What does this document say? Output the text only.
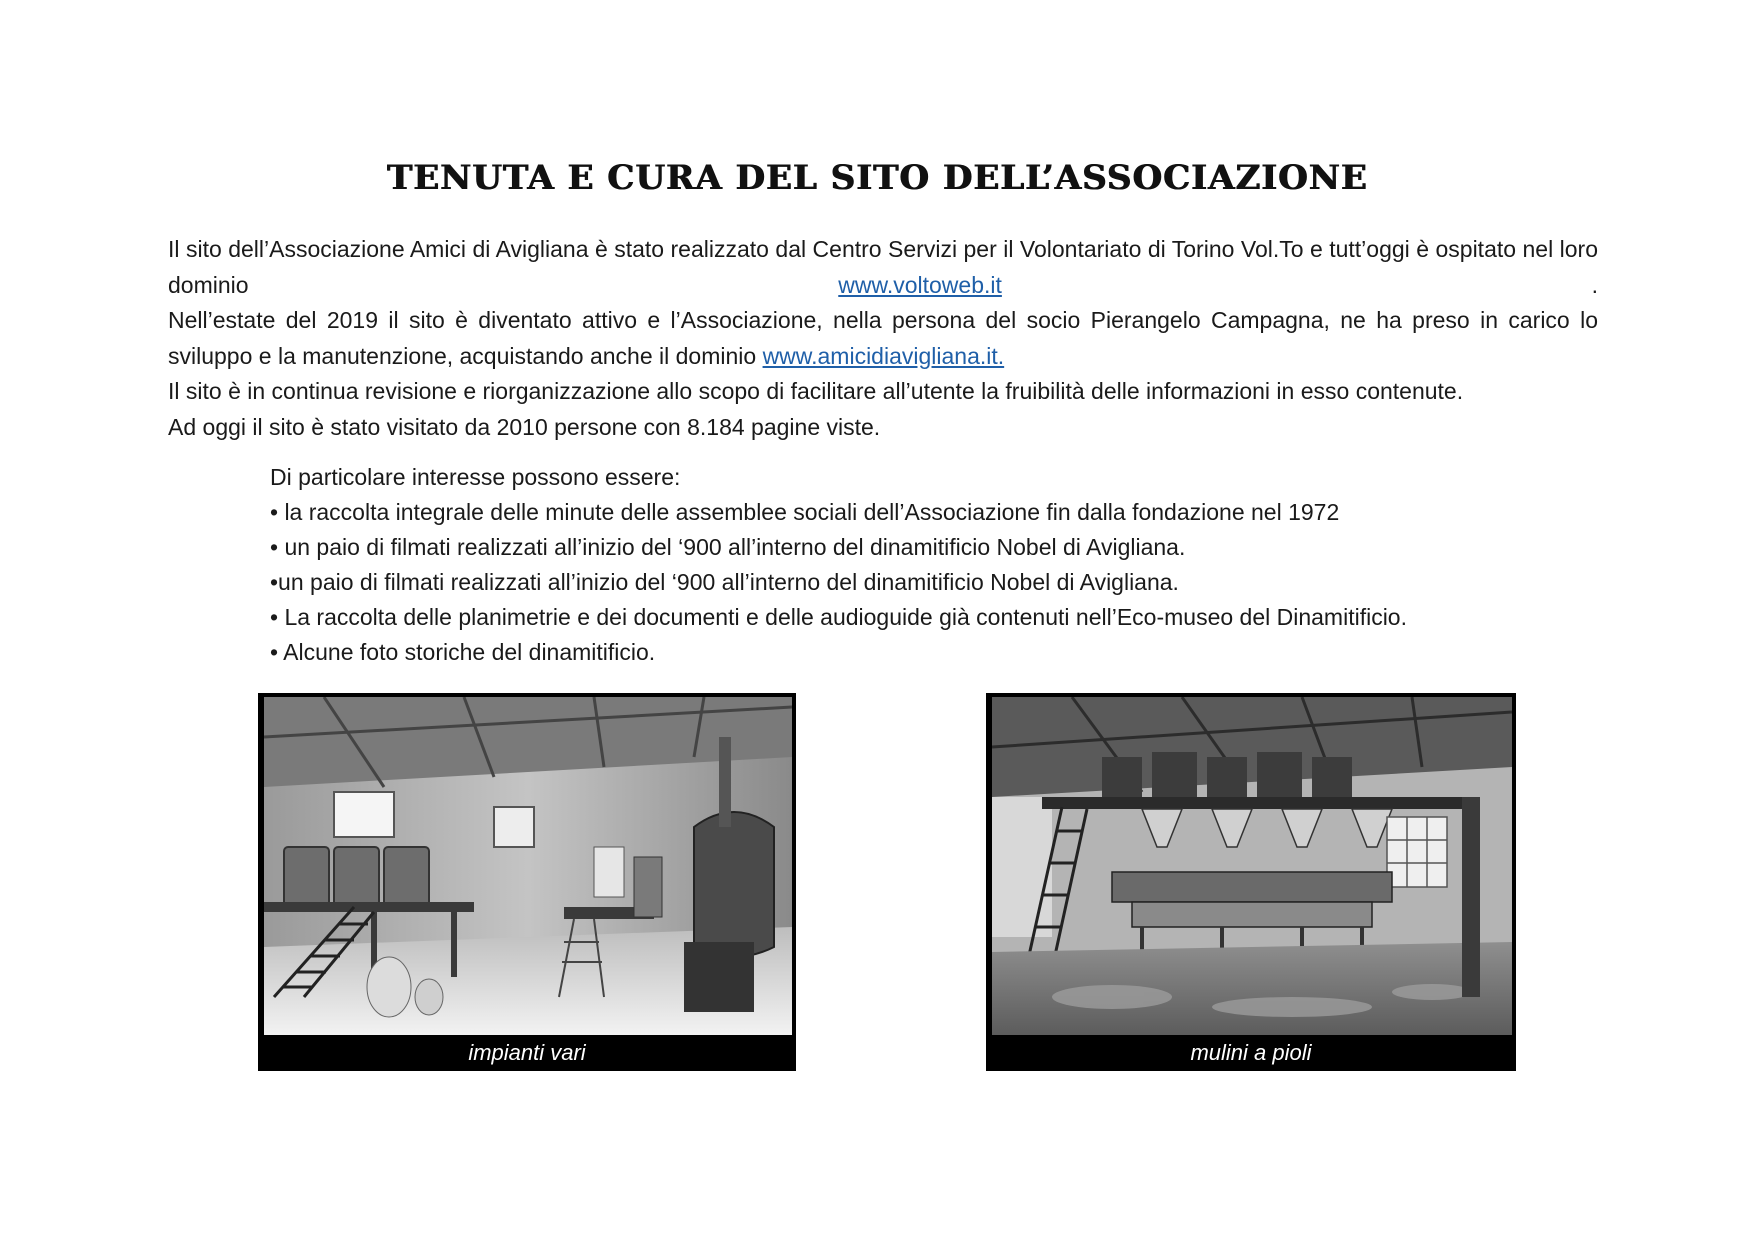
TENUTA E CURA DEL SITO DELL’ASSOCIAZIONE

Il sito dell’Associazione Amici di Avigliana è stato realizzato dal Centro Servizi per il Volontariato di Torino Vol.To e tutt’oggi è ospitato nel loro dominio www.voltoweb.it .

Nell’estate del 2019 il sito è diventato attivo e l’Associazione, nella persona del socio Pierangelo Campagna, ne ha preso in carico lo sviluppo e la manutenzione, acquistando anche il dominio www.amicidiavigliana.it.

Il sito è in continua revisione e riorganizzazione allo scopo di facilitare all’utente la fruibilità delle informazioni in esso contenute.

Ad oggi il sito è stato visitato da 2010 persone con 8.184 pagine viste.

Di particolare interesse possono essere:
• la raccolta integrale delle minute delle assemblee sociali dell’Associazione fin dalla fondazione nel 1972
• un paio di filmati realizzati all’inizio del ‘900 all’interno del dinamitificio Nobel di Avigliana.
•un paio di filmati realizzati all’inizio del ‘900 all’interno del dinamitificio Nobel di Avigliana.
• La raccolta delle planimetrie e dei documenti e delle audioguide già contenuti nell’Eco-museo del Dinamitificio.
• Alcune foto storiche del dinamitificio.
impianti vari	mulini a pioli
